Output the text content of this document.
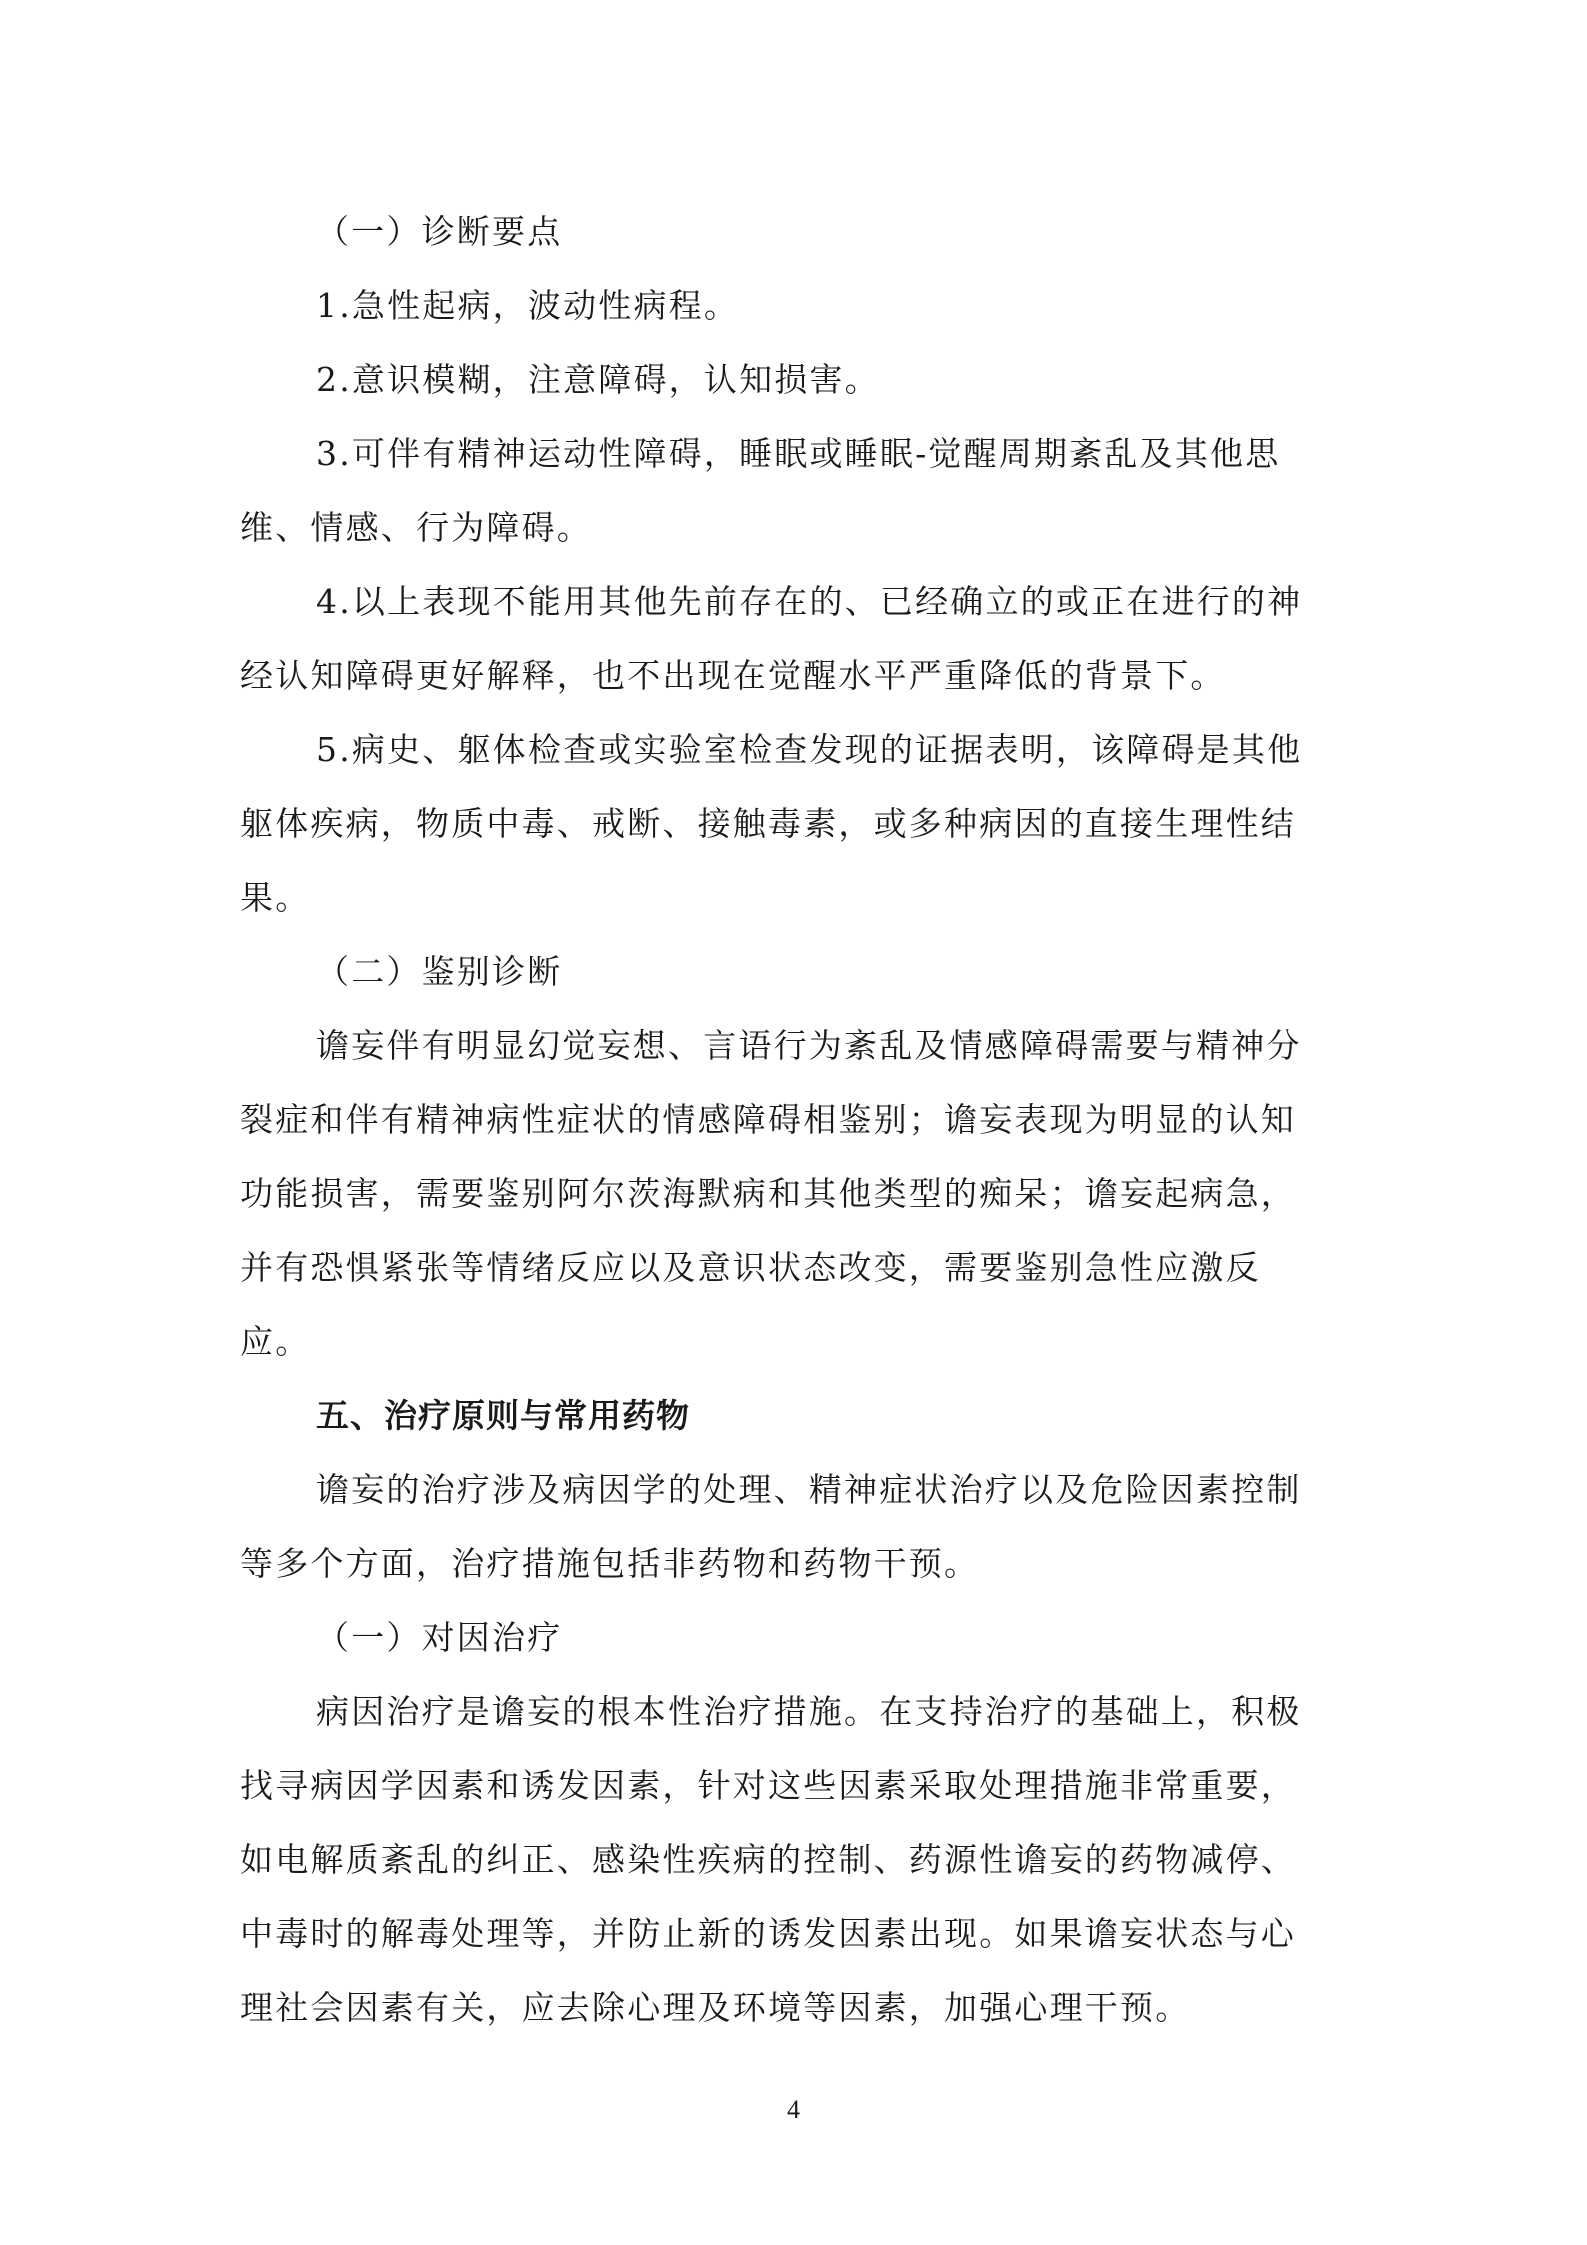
（一）诊断要点
1.急性起病，波动性病程。
2.意识模糊，注意障碍，认知损害。
3.可伴有精神运动性障碍，睡眠或睡眠-觉醒周期紊乱及其他思
维、情感、行为障碍。
4.以上表现不能用其他先前存在的、已经确立的或正在进行的神
经认知障碍更好解释，也不出现在觉醒水平严重降低的背景下。
5.病史、躯体检查或实验室检查发现的证据表明，该障碍是其他
躯体疾病，物质中毒、戒断、接触毒素，或多种病因的直接生理性结
果。
（二）鉴别诊断
谵妄伴有明显幻觉妄想、言语行为紊乱及情感障碍需要与精神分
裂症和伴有精神病性症状的情感障碍相鉴别；谵妄表现为明显的认知
功能损害，需要鉴别阿尔茨海默病和其他类型的痴呆；谵妄起病急，
并有恐惧紧张等情绪反应以及意识状态改变，需要鉴别急性应激反
应。
五、治疗原则与常用药物
谵妄的治疗涉及病因学的处理、精神症状治疗以及危险因素控制
等多个方面，治疗措施包括非药物和药物干预。
（一）对因治疗
病因治疗是谵妄的根本性治疗措施。在支持治疗的基础上，积极
找寻病因学因素和诱发因素，针对这些因素采取处理措施非常重要，
如电解质紊乱的纠正、感染性疾病的控制、药源性谵妄的药物减停、
中毒时的解毒处理等，并防止新的诱发因素出现。如果谵妄状态与心
理社会因素有关，应去除心理及环境等因素，加强心理干预。
4
